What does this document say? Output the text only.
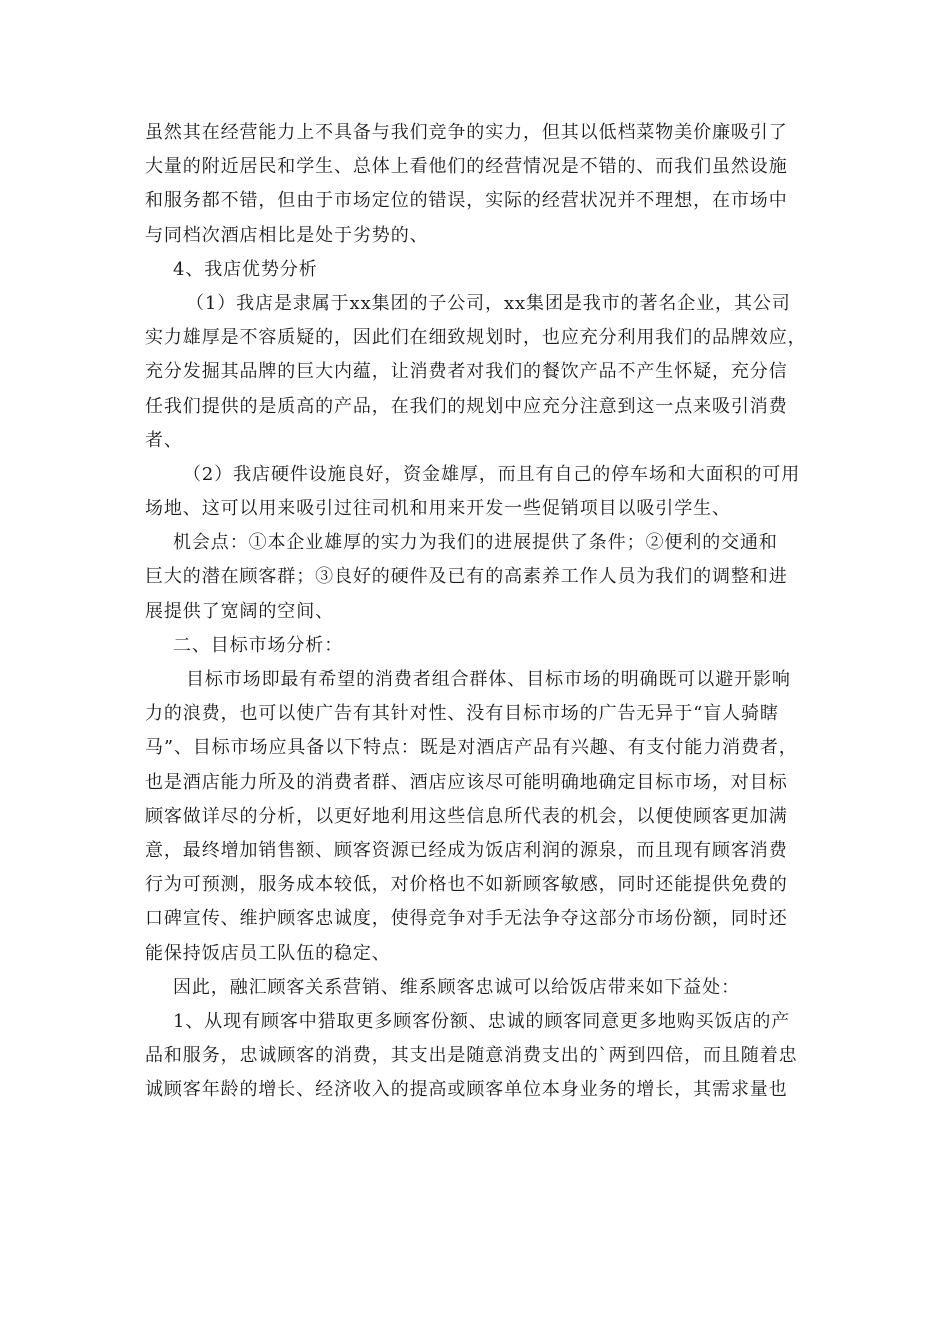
虽然其在经营能力上不具备与我们竞争的实力，但其以低档菜物美价廉吸引了
大量的附近居民和学生、总体上看他们的经营情况是不错的、而我们虽然设施
和服务都不错，但由于市场定位的错误，实际的经营状况并不理想，在市场中
与同档次酒店相比是处于劣势的、
4、我店优势分析
（1）我店是隶属于xx集团的子公司，xx集团是我市的著名企业，其公司
实力雄厚是不容质疑的，因此们在细致规划时，也应充分利用我们的品牌效应，
充分发掘其品牌的巨大内蕴，让消费者对我们的餐饮产品不产生怀疑，充分信
任我们提供的是质高的产品，在我们的规划中应充分注意到这一点来吸引消费
者、
（2）我店硬件设施良好，资金雄厚，而且有自己的停车场和大面积的可用
场地、这可以用来吸引过往司机和用来开发一些促销项目以吸引学生、
机会点：①本企业雄厚的实力为我们的进展提供了条件；②便利的交通和
巨大的潜在顾客群；③良好的硬件及已有的高素养工作人员为我们的调整和进
展提供了宽阔的空间、
二、目标市场分析：
目标市场即最有希望的消费者组合群体、目标市场的明确既可以避开影响
力的浪费，也可以使广告有其针对性、没有目标市场的广告无异于“盲人骑瞎
马”、目标市场应具备以下特点：既是对酒店产品有兴趣、有支付能力消费者，
也是酒店能力所及的消费者群、酒店应该尽可能明确地确定目标市场，对目标
顾客做详尽的分析，以更好地利用这些信息所代表的机会，以便使顾客更加满
意，最终增加销售额、顾客资源已经成为饭店利润的源泉，而且现有顾客消费
行为可预测，服务成本较低，对价格也不如新顾客敏感，同时还能提供免费的
口碑宣传、维护顾客忠诚度，使得竞争对手无法争夺这部分市场份额，同时还
能保持饭店员工队伍的稳定、
因此，融汇顾客关系营销、维系顾客忠诚可以给饭店带来如下益处：
1、从现有顾客中猎取更多顾客份额、忠诚的顾客同意更多地购买饭店的产
品和服务，忠诚顾客的消费，其支出是随意消费支出的`两到四倍，而且随着忠
诚顾客年龄的增长、经济收入的提高或顾客单位本身业务的增长，其需求量也
